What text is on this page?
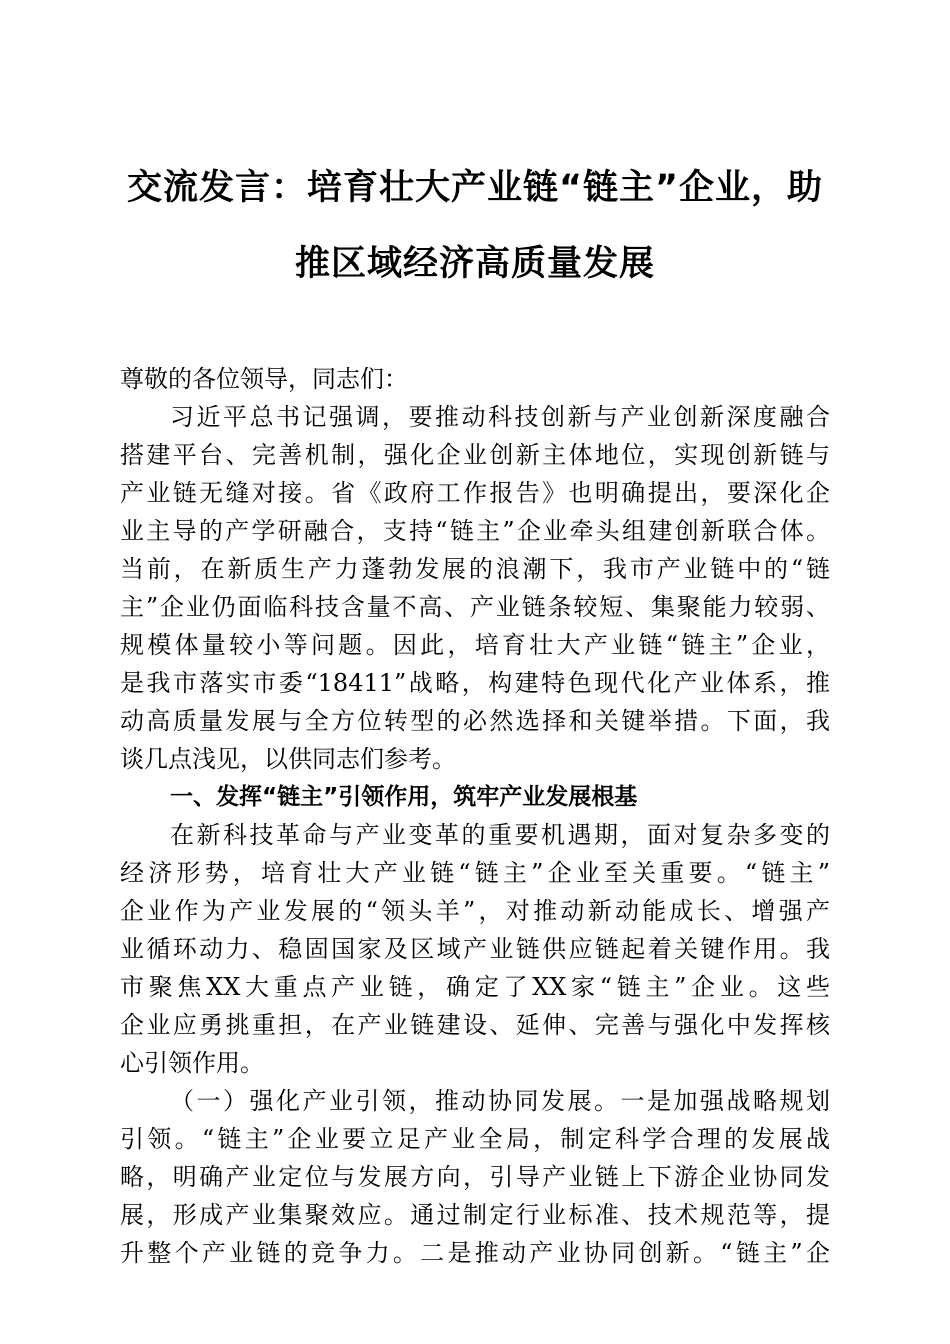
交流发言：培育壮大产业链“链主”企业，助
推区域经济高质量发展
尊敬的各位领导，同志们：
习近平总书记强调，要推动科技创新与产业创新深度融合
搭建平台、完善机制，强化企业创新主体地位，实现创新链与
产业链无缝对接。省《政府工作报告》也明确提出，要深化企
业主导的产学研融合，支持“链主”企业牵头组建创新联合体。
当前，在新质生产力蓬勃发展的浪潮下，我市产业链中的“链
主”企业仍面临科技含量不高、产业链条较短、集聚能力较弱、
规模体量较小等问题。因此，培育壮大产业链“链主”企业，
是我市落实市委“18411”战略，构建特色现代化产业体系，推
动高质量发展与全方位转型的必然选择和关键举措。下面，我
谈几点浅见，以供同志们参考。
一、发挥“链主”引领作用，筑牢产业发展根基
在新科技革命与产业变革的重要机遇期，面对复杂多变的
经济形势，培育壮大产业链“链主”企业至关重要。“链主”
企业作为产业发展的“领头羊”，对推动新动能成长、增强产
业循环动力、稳固国家及区域产业链供应链起着关键作用。我
市聚焦XX大重点产业链，确定了XX家“链主”企业。这些
企业应勇挑重担，在产业链建设、延伸、完善与强化中发挥核
心引领作用。
（一）强化产业引领，推动协同发展。一是加强战略规划
引领。“链主”企业要立足产业全局，制定科学合理的发展战
略，明确产业定位与发展方向，引导产业链上下游企业协同发
展，形成产业集聚效应。通过制定行业标准、技术规范等，提
升整个产业链的竞争力。二是推动产业协同创新。“链主”企
